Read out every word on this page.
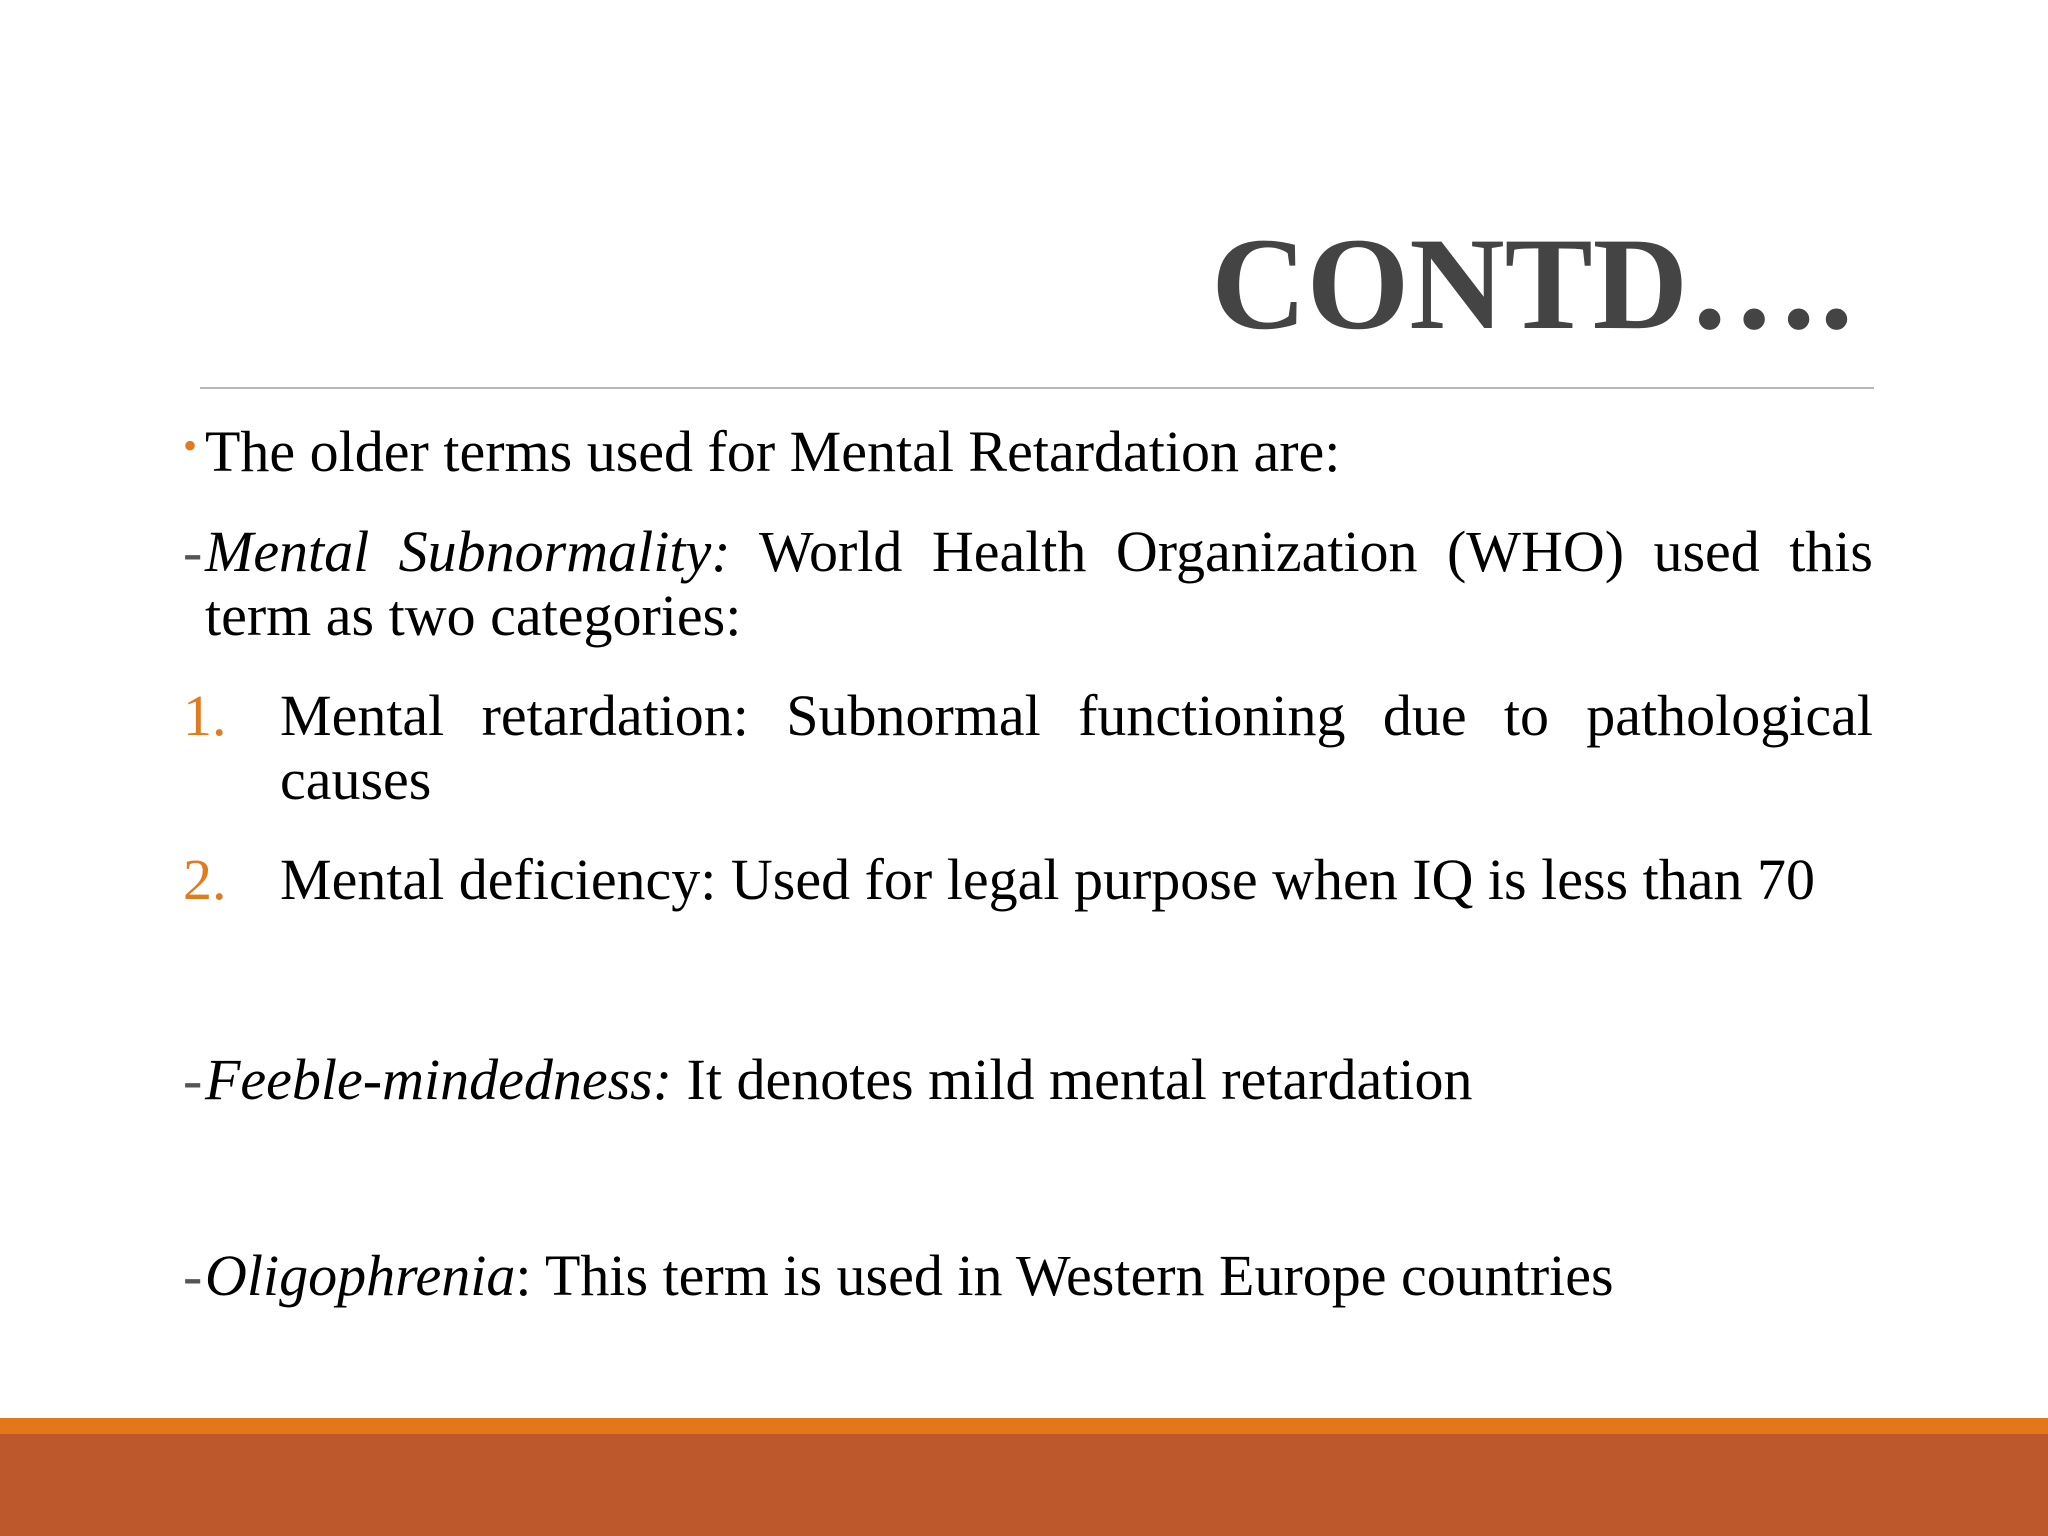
CONTD….
• The older terms used for Mental Retardation are:
- Mental Subnormality: World Health Organization (WHO) used this term as two categories:
1. Mental retardation: Subnormal functioning due to pathological causes
2. Mental deficiency: Used for legal purpose when IQ is less than 70
- Feeble-mindedness: It denotes mild mental retardation
- Oligophrenia: This term is used in Western Europe countries
